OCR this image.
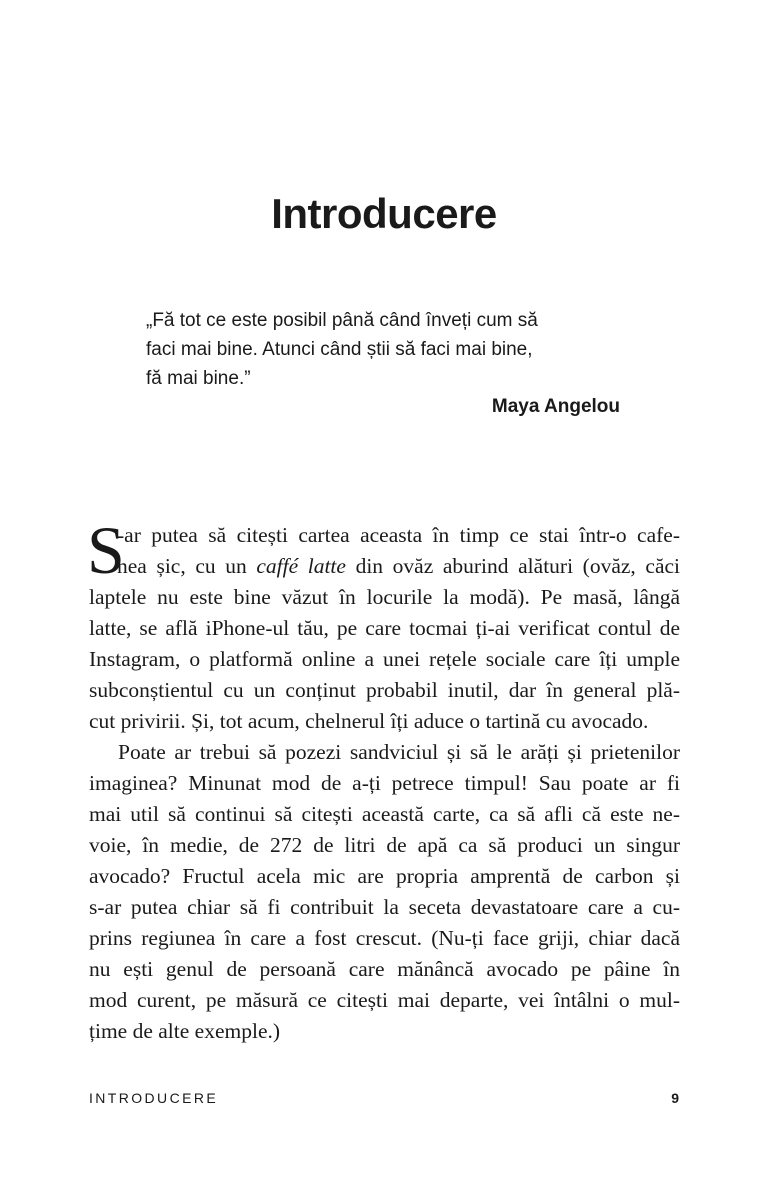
Introducere
„Fă tot ce este posibil până când înveți cum să
faci mai bine. Atunci când știi să faci mai bine,
fă mai bine.”
Maya Angelou
S
-ar putea să citești cartea aceasta în timp ce stai într-o cafe-
nea șic, cu un caffé latte din ovăz aburind alături (ovăz, căci
laptele nu este bine văzut în locurile la modă). Pe masă, lângă
latte, se află iPhone-ul tău, pe care tocmai ți-ai verificat contul de
Instagram, o platformă online a unei rețele sociale care îți umple
subconștientul cu un conținut probabil inutil, dar în general plă-
cut privirii. Și, tot acum, chelnerul îți aduce o tartină cu avocado.
Poate ar trebui să pozezi sandviciul și să le arăți și prietenilor
imaginea? Minunat mod de a-ți petrece timpul! Sau poate ar fi
mai util să continui să citești această carte, ca să afli că este ne-
voie, în medie, de 272 de litri de apă ca să produci un singur
avocado? Fructul acela mic are propria amprentă de carbon și
s-ar putea chiar să fi contribuit la seceta devastatoare care a cu-
prins regiunea în care a fost crescut. (Nu-ți face griji, chiar dacă
nu ești genul de persoană care mănâncă avocado pe pâine în
mod curent, pe măsură ce citești mai departe, vei întâlni o mul-
țime de alte exemple.)
INTRODUCERE	9
